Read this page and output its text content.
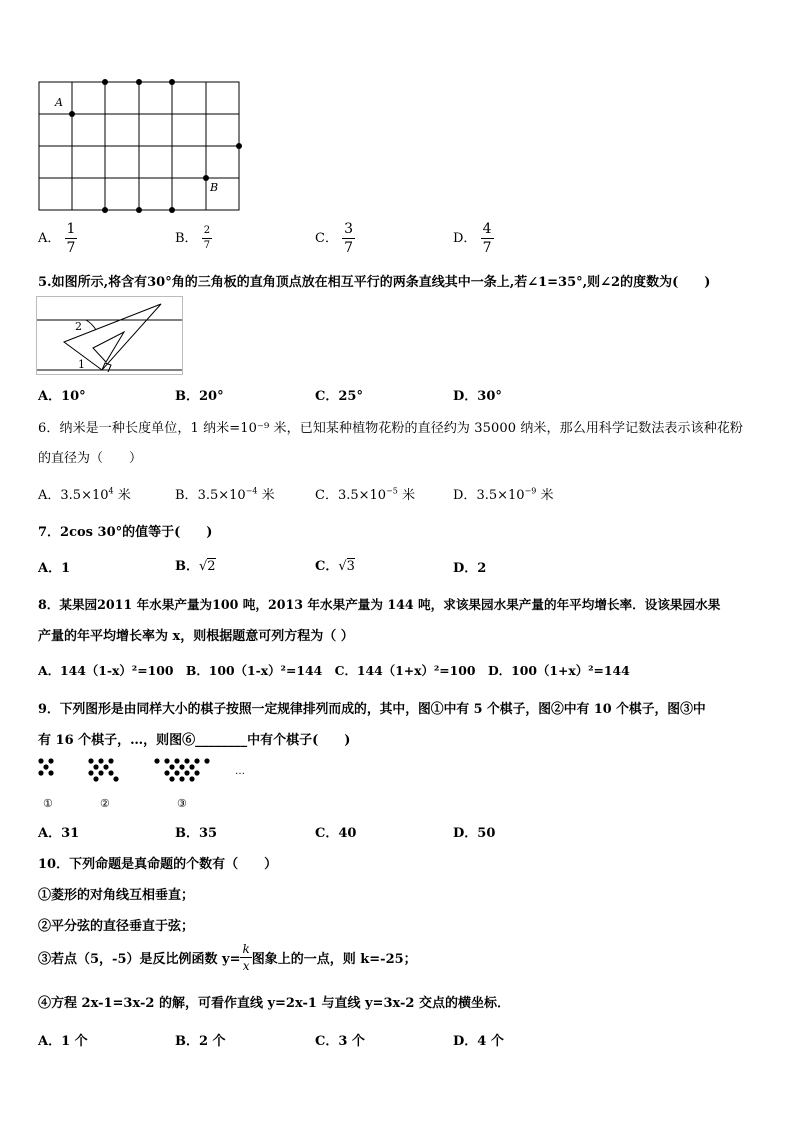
A
B
A． $\frac{1}{7}$	B． $\frac{2}{7}$	C． $\frac{3}{7}$	D． $\frac{4}{7}$
5.如图所示,将含有30°角的三角板的直角顶点放在相互平行的两条直线其中一条上,若∠1=35°,则∠2的度数为(　　)
2
1
A．10°	B．20°	C．25°	D．30°
6．纳米是一种长度单位，1 纳米=10⁻⁹ 米，已知某种植物花粉的直径约为 35000 纳米，那么用科学记数法表示该种花粉
的直径为（　　）
A．$3.5\times 10^4$ 米	B．$3.5\times 10^{-4}$ 米	C．$3.5\times 10^{-5}$ 米	D．$3.5\times 10^{-9}$ 米
7．2cos 30°的值等于(　　)
A．1	B．√2	C．√3	D．2
8．某果园2011 年水果产量为100 吨，2013 年水果产量为 144 吨，求该果园水果产量的年平均增长率．设该果园水果
产量的年平均增长率为 x，则根据题意可列方程为（ ）
A．144（1-x）²=100　B．100（1-x）²=144　C．144（1+x）²=100　D．100（1+x）²=144
9．下列图形是由同样大小的棋子按照一定规律排列而成的，其中，图①中有 5 个棋子，图②中有 10 个棋子，图③中
有 16 个棋子，…，则图⑥________中有个棋子(　　)
…
①	②	③
A．31	B．35	C．40	D．50
10．下列命题是真命题的个数有（　　）
①菱形的对角线互相垂直；
②平分弦的直径垂直于弦；
③若点（5，-5）是反比例函数 $y= \frac{k}{x}$ 图象上的一点，则 k=-25；
④方程 2x-1=3x-2 的解，可看作直线 y=2x-1 与直线 y=3x-2 交点的横坐标．
A．1 个	B．2 个	C．3 个	D．4 个
